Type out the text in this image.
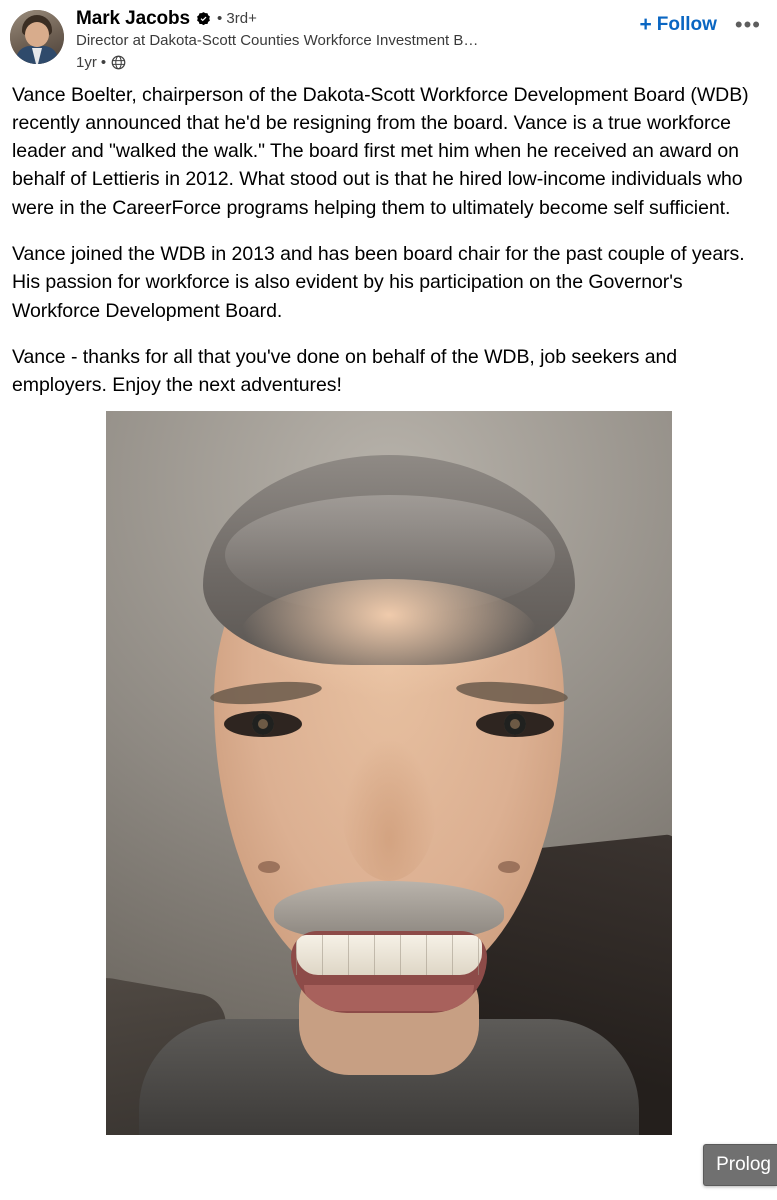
Mark Jacobs • 3rd+
Director at Dakota-Scott Counties Workforce Investment B…
1yr •
+ Follow •••

Vance Boelter, chairperson of the Dakota-Scott Workforce Development Board (WDB) recently announced that he'd be resigning from the board. Vance is a true workforce leader and "walked the walk." The board first met him when he received an award on behalf of Lettieris in 2012. What stood out is that he hired low-income individuals who were in the CareerForce programs helping them to ultimately become self sufficient.

Vance joined the WDB in 2013 and has been board chair for the past couple of years. His passion for workforce is also evident by his participation on the Governor's Workforce Development Board.

Vance - thanks for all that you've done on behalf of the WDB, job seekers and employers. Enjoy the next adventures!

Prolog
